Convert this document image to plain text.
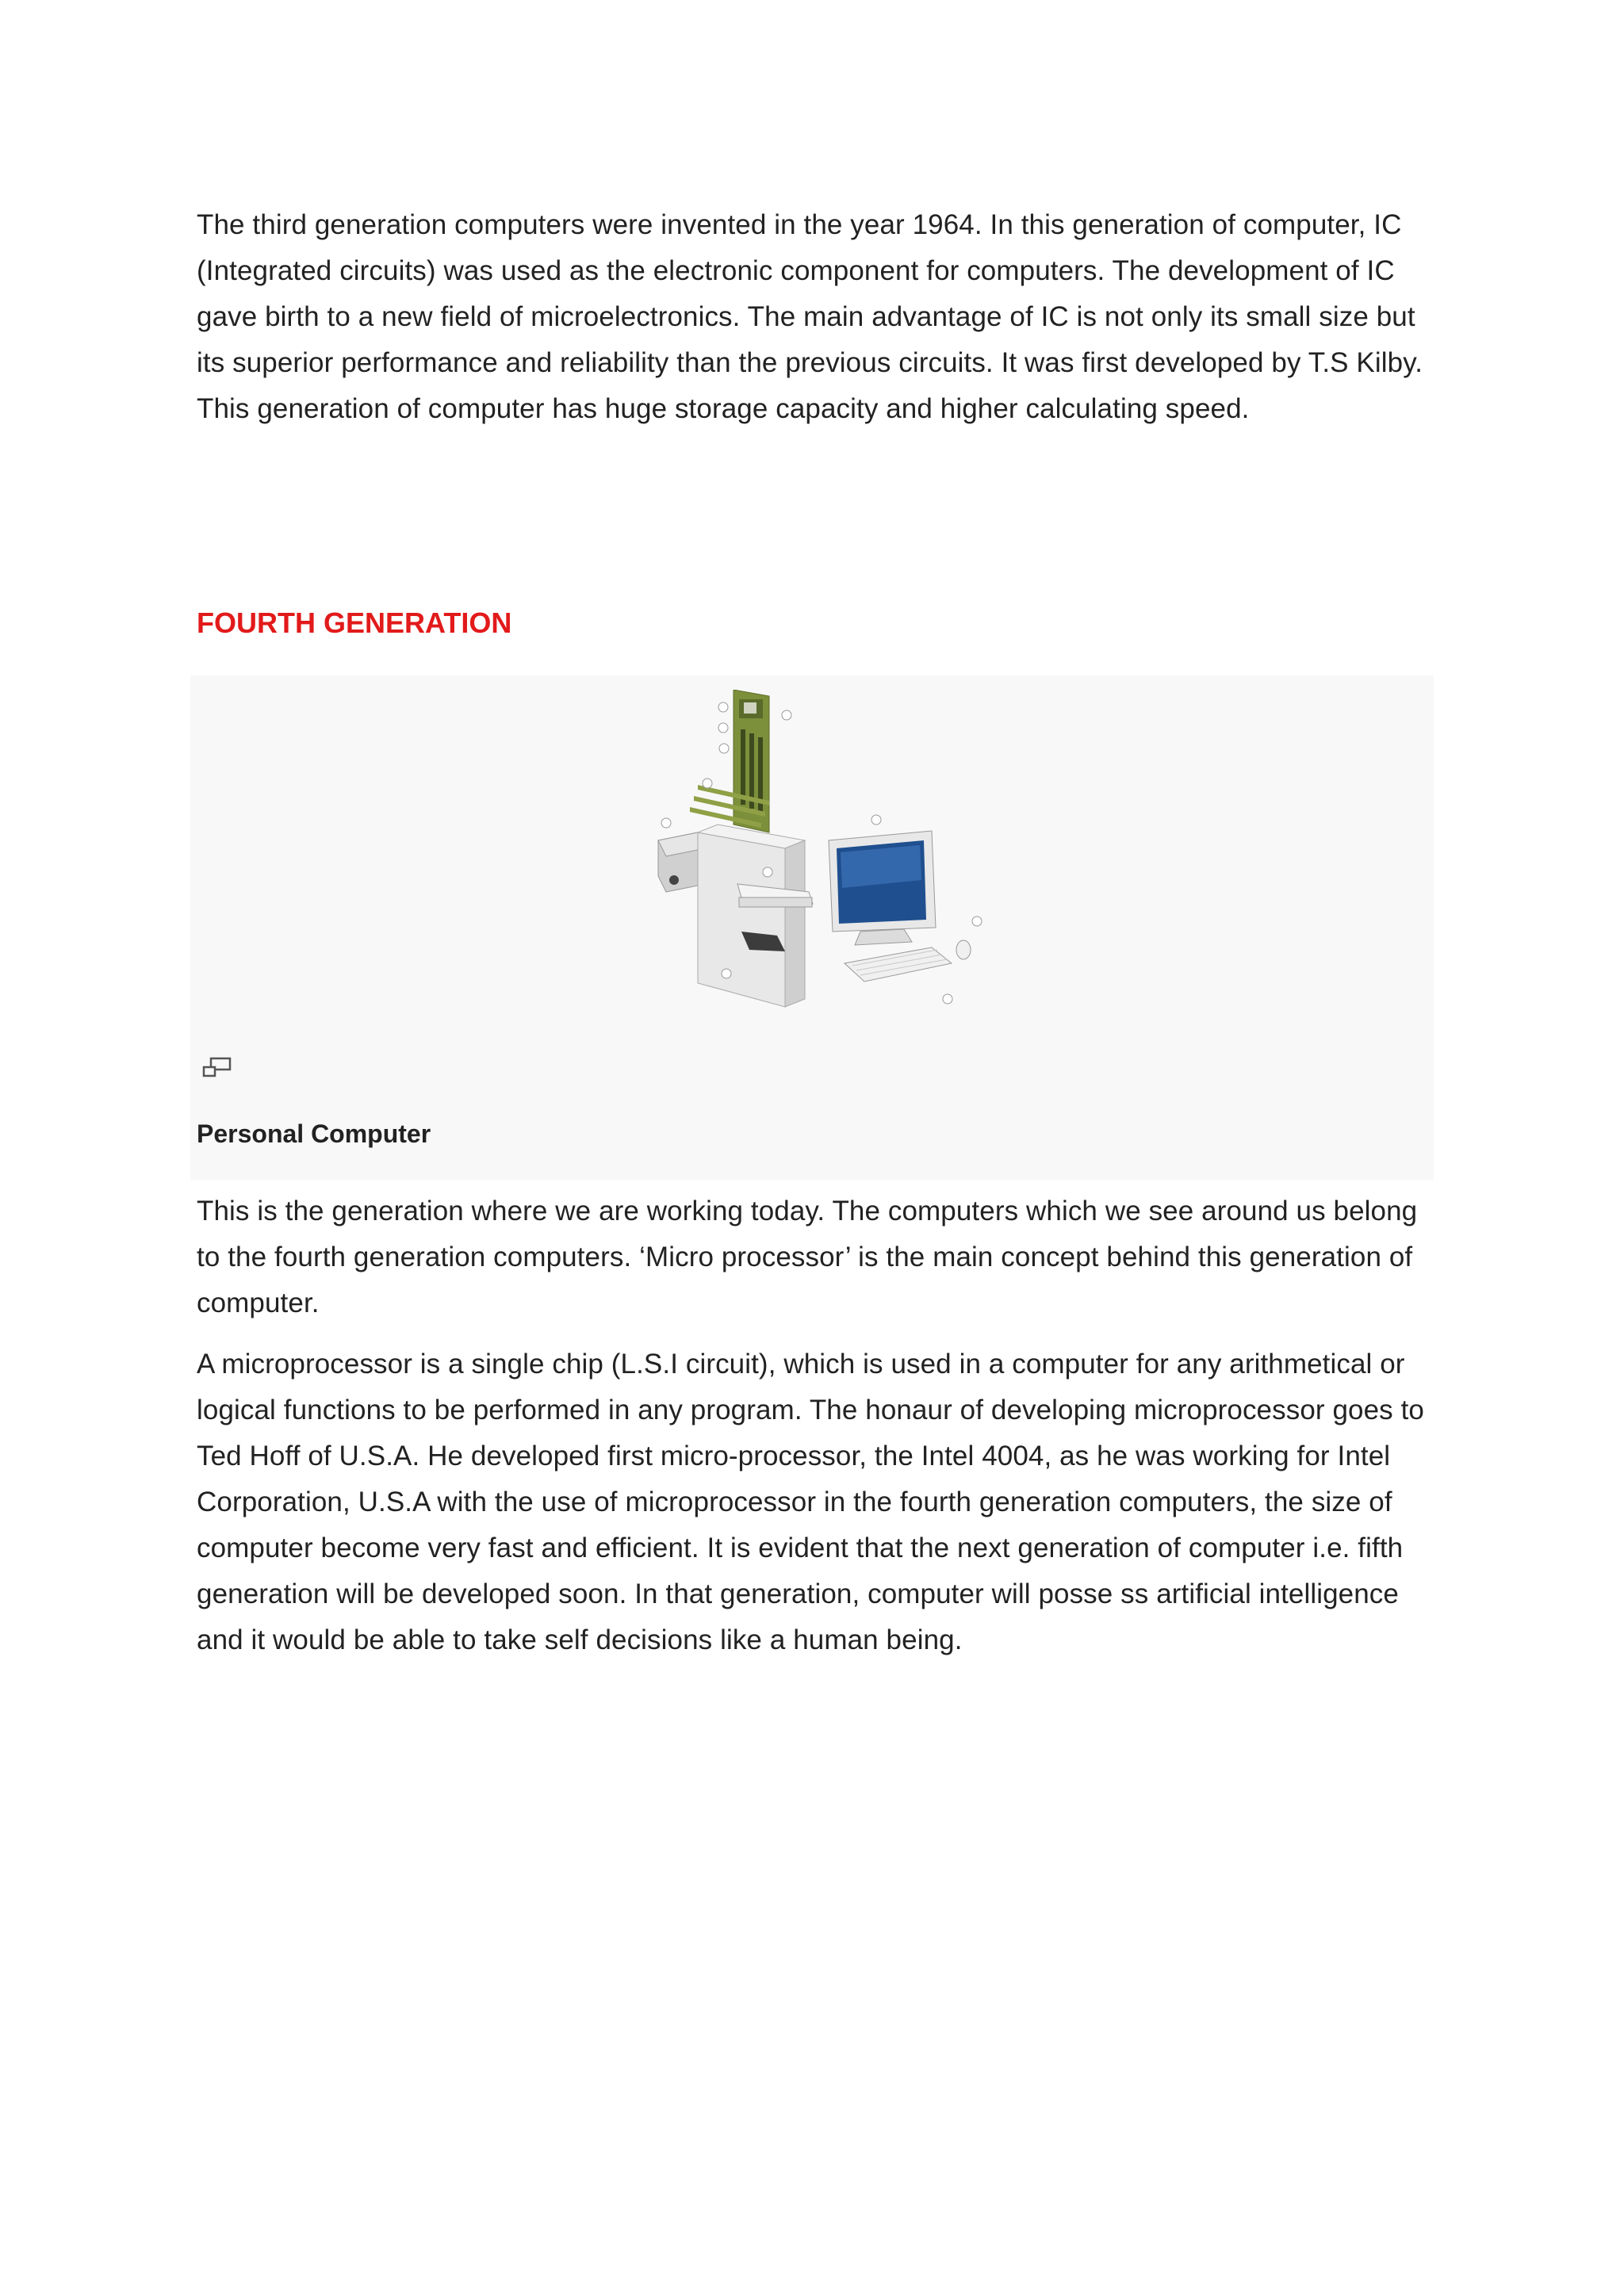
The third generation computers were invented in the year 1964. In this generation of computer, IC (Integrated circuits) was used as the electronic component for computers. The development of IC gave birth to a new field of microelectronics. The main advantage of IC is not only its small size but its superior performance and reliability than the previous circuits. It was first developed by T.S Kilby. This generation of computer has huge storage capacity and higher calculating speed.

FOURTH GENERATION

Personal Computer

This is the generation where we are working today. The computers which we see around us belong to the fourth generation computers. ‘Micro processor’ is the main concept behind this generation of computer.

A microprocessor is a single chip (L.S.I circuit), which is used in a computer for any arithmetical or logical functions to be performed in any program. The honaur of developing microprocessor goes to Ted Hoff of U.S.A. He developed first micro-processor, the Intel 4004, as he was working for Intel Corporation, U.S.A with the use of microprocessor in the fourth generation computers, the size of computer become very fast and efficient. It is evident that the next generation of computer i.e. fifth generation will be developed soon. In that generation, computer will posse ss artificial intelligence and it would be able to take self decisions like a human being.
